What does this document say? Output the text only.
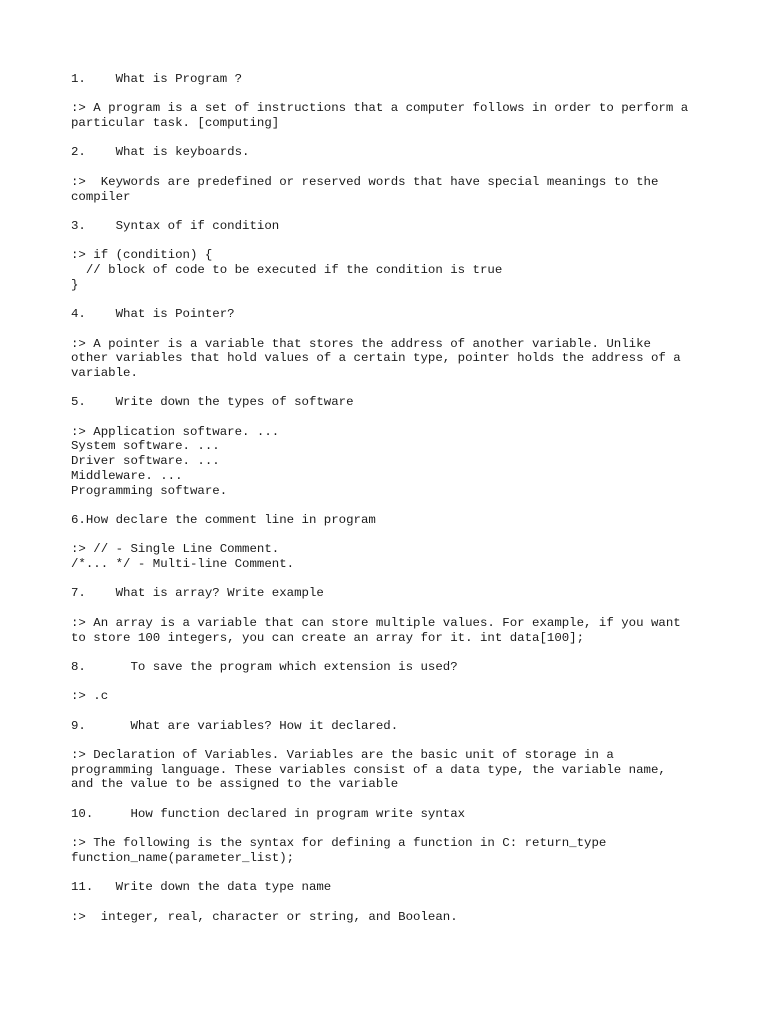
1.    What is Program ?

:> A program is a set of instructions that a computer follows in order to perform a
particular task. [computing]

2.    What is keyboards.

:>  Keywords are predefined or reserved words that have special meanings to the
compiler

3.    Syntax of if condition

:> if (condition) {
// block of code to be executed if the condition is true
}

4.    What is Pointer?

:> A pointer is a variable that stores the address of another variable. Unlike
other variables that hold values of a certain type, pointer holds the address of a
variable.

5.    Write down the types of software

:> Application software. ...
System software. ...
Driver software. ...
Middleware. ...
Programming software.

6.How declare the comment line in program

:> // - Single Line Comment.
/*... */ - Multi-line Comment.

7.    What is array? Write example

:> An array is a variable that can store multiple values. For example, if you want
to store 100 integers, you can create an array for it. int data[100];

8.      To save the program which extension is used?

:> .c

9.      What are variables? How it declared.

:> Declaration of Variables. Variables are the basic unit of storage in a
programming language. These variables consist of a data type, the variable name,
and the value to be assigned to the variable

10.     How function declared in program write syntax

:> The following is the syntax for defining a function in C: return_type
function_name(parameter_list);

11.   Write down the data type name

:>  integer, real, character or string, and Boolean.
